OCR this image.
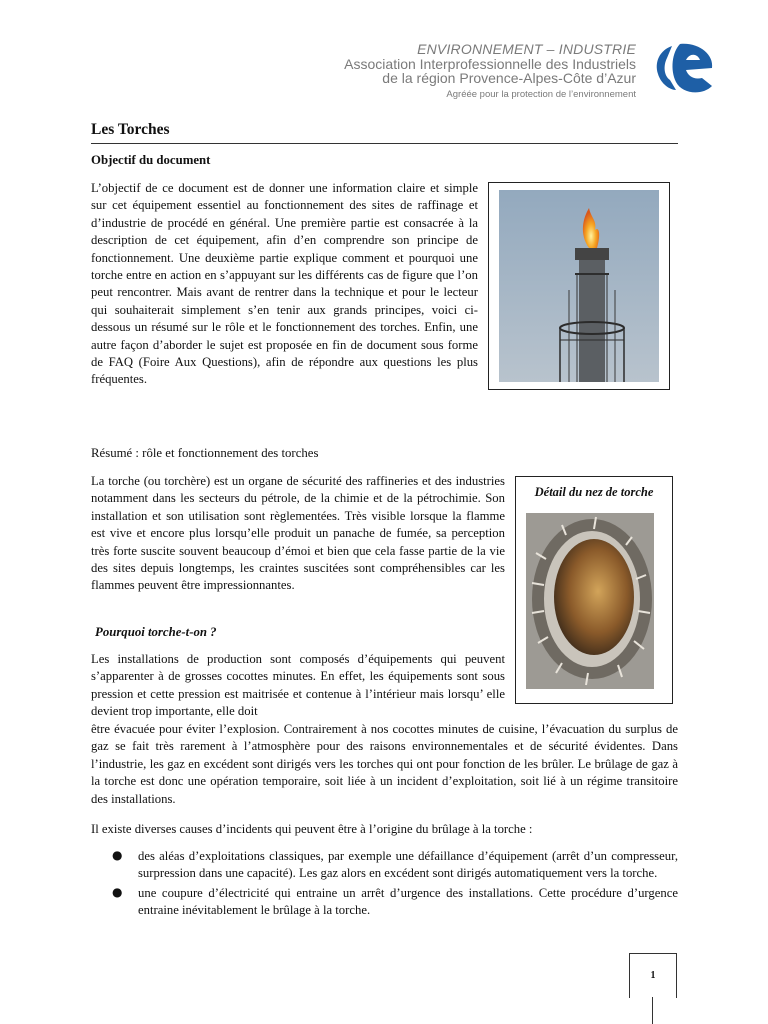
ENVIRONNEMENT – INDUSTRIE
Association Interprofessionnelle des Industriels
de la région Provence-Alpes-Côte d’Azur
Agréée pour la protection de l’environnement
Les Torches
Objectif du document

L’objectif de ce document est de donner une information claire et simple sur cet équipement essentiel au fonctionnement des sites de raffinage et d’industrie de procédé en général. Une première partie est consacrée à la description de cet équipement, afin d’en comprendre son principe de fonctionnement. Une deuxième partie explique comment et pourquoi une torche entre en action en s’appuyant sur les différents cas de figure que l’on peut rencontrer. Mais avant de rentrer dans la technique et pour le lecteur qui souhaiterait simplement s’en tenir aux grands principes, voici ci-dessous un résumé sur le rôle et le fonctionnement des torches. Enfin, une autre façon d’aborder le sujet est proposée en fin de document sous forme de FAQ (Foire Aux Questions), afin de répondre aux questions les plus fréquentes.

Résumé : rôle et fonctionnement des torches

La torche (ou torchère) est un organe de sécurité des raffineries et des industries notamment dans les secteurs du pétrole, de la chimie et de la pétrochimie. Son installation et son utilisation sont règlementées. Très visible lorsque la flamme est vive et encore plus lorsqu’elle produit un panache de fumée, sa perception très forte suscite souvent beaucoup d’émoi et bien que cela fasse partie de la vie des sites depuis longtemps, les craintes suscitées sont compréhensibles car les flammes peuvent être impressionnantes.

Pourquoi torche-t-on ?

Les installations de production sont composés d’équipements qui peuvent s’apparenter à de grosses cocottes minutes. En effet, les équipements sont sous pression et cette pression est maitrisée et contenue à l’intérieur mais lorsqu’ elle devient trop importante, elle doit

être évacuée pour éviter l’explosion. Contrairement à nos cocottes minutes de cuisine, l’évacuation du surplus de gaz se fait très rarement à l’atmosphère pour des raisons environnementales et de sécurité évidentes. Dans l’industrie, les gaz en excédent sont dirigés vers les torches qui ont pour fonction de les brûler. Le brûlage de gaz à la torche est donc une opération temporaire, soit liée à un incident d’exploitation, soit lié à un régime transitoire des installations.

Il existe diverses causes d’incidents qui peuvent être à l’origine du brûlage à la torche :

● des aléas d’exploitations classiques, par exemple une défaillance d’équipement (arrêt d’un compresseur, surpression dans une capacité). Les gaz alors en excédent sont dirigés automatiquement vers la torche.

● une coupure d’électricité qui entraine un arrêt d’urgence des installations. Cette procédure d’urgence entraine inévitablement le brûlage à la torche.

Détail du nez de torche
1
